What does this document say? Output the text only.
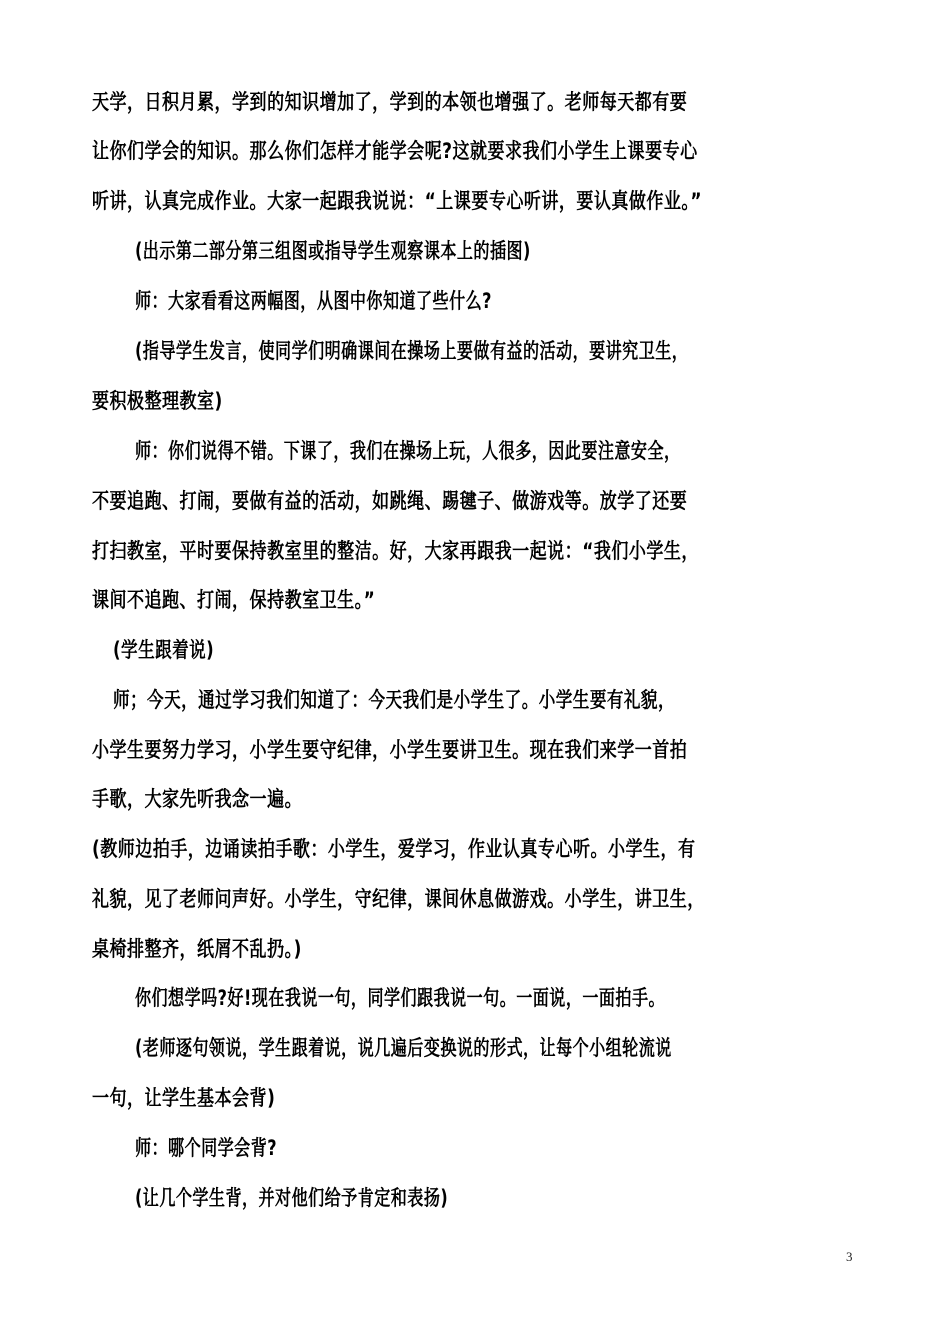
天学，日积月累，学到的知识增加了，学到的本领也增强了。老师每天都有要
让你们学会的知识。那么你们怎样才能学会呢?这就要求我们小学生上课要专心
听讲，认真完成作业。大家一起跟我说说：“上课要专心听讲，要认真做作业。”
(出示第二部分第三组图或指导学生观察课本上的插图)
师：大家看看这两幅图，从图中你知道了些什么?
(指导学生发言，使同学们明确课间在操场上要做有益的活动，要讲究卫生，
要积极整理教室)
师：你们说得不错。下课了，我们在操场上玩，人很多，因此要注意安全，
不要追跑、打闹，要做有益的活动，如跳绳、踢毽子、做游戏等。放学了还要
打扫教室，平时要保持教室里的整洁。好，大家再跟我一起说：“我们小学生，
课间不追跑、打闹，保持教室卫生。”
(学生跟着说)
师；今天，通过学习我们知道了：今天我们是小学生了。小学生要有礼貌，
小学生要努力学习，小学生要守纪律，小学生要讲卫生。现在我们来学一首拍
手歌，大家先听我念一遍。
(教师边拍手，边诵读拍手歌：小学生，爱学习，作业认真专心听。小学生，有
礼貌，见了老师问声好。小学生，守纪律，课间休息做游戏。小学生，讲卫生，
桌椅排整齐，纸屑不乱扔。)
你们想学吗?好!现在我说一句，同学们跟我说一句。一面说，一面拍手。
(老师逐句领说，学生跟着说，说几遍后变换说的形式，让每个小组轮流说
一句，让学生基本会背)
师：哪个同学会背?
(让几个学生背，并对他们给予肯定和表扬)
3
